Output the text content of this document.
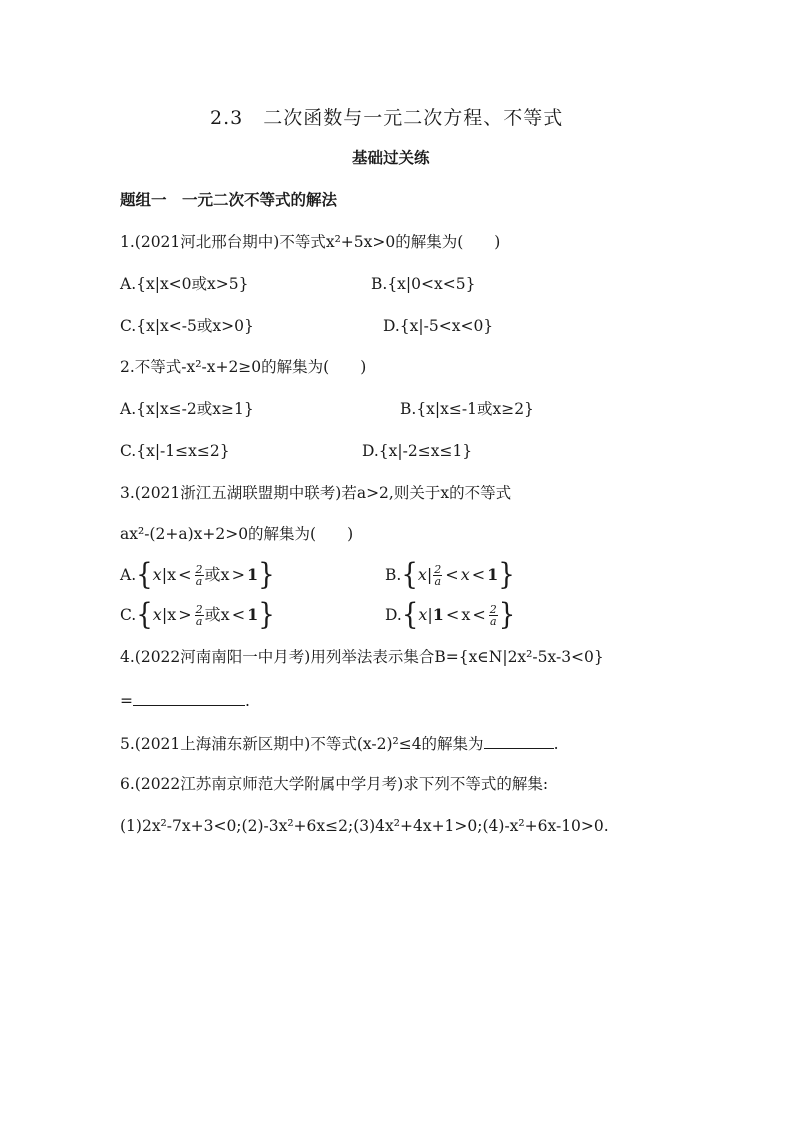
2.3　二次函数与一元二次方程、不等式
基础过关练
题组一　一元二次不等式的解法
1.(2021河北邢台期中)不等式x²+5x>0的解集为(　　)
A.{x|x<0或x>5}	B.{x|0<x<5}
C.{x|x<-5或x>0}	D.{x|-5<x<0}
2.不等式-x²-x+2≥0的解集为(　　)
A.{x|x≤-2或x≥1}	B.{x|x≤-1或x≥2}
C.{x|-1≤x≤2}	D.{x|-2≤x≤1}
3.(2021浙江五湖联盟期中联考)若a>2,则关于x的不等式
ax²-(2+a)x+2>0的解集为(　　)
A. { x | $x < \frac{2}{a}$ 或 x > 1 }	B. { x | $\frac{2}{a} < x < 1$ }
C. { x | $x > \frac{2}{a}$ 或 x < 1 }	D. { x | $1 < x < \frac{2}{a}$ }
4.(2022河南南阳一中月考)用列举法表示集合B={x∈N|2x²-5x-3<0}
=	.
5.(2021上海浦东新区期中)不等式(x-2)²≤4的解集为	.
6.(2022江苏南京师范大学附属中学月考)求下列不等式的解集:
(1)2x²-7x+3<0;(2)-3x²+6x≤2;(3)4x²+4x+1>0;(4)-x²+6x-10>0.
